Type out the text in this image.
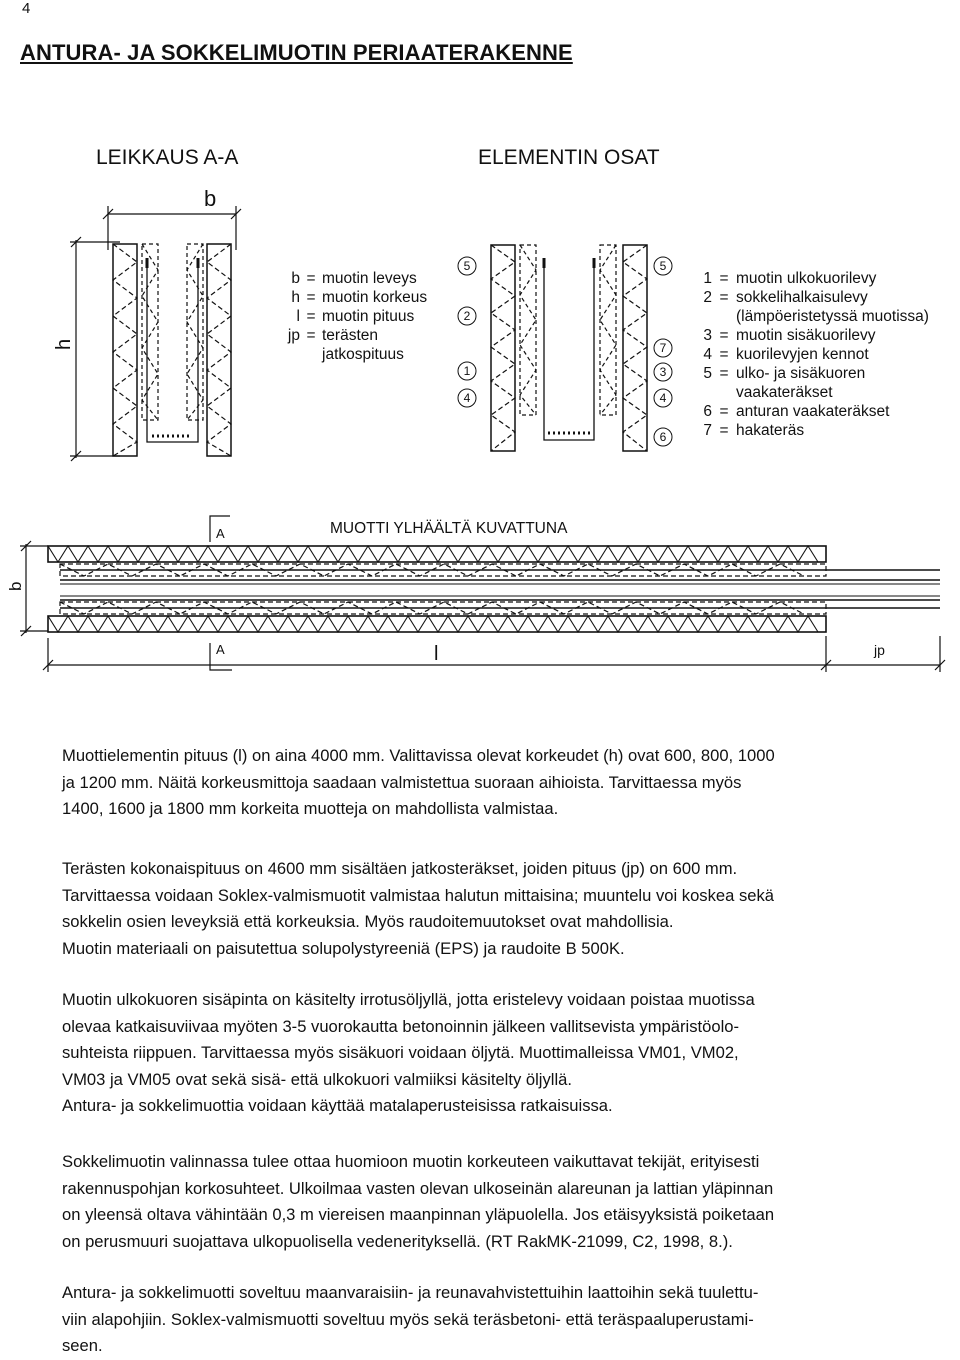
4
ANTURA- JA SOKKELIMUOTIN PERIAATERAKENNE
LEIKKAUS A-A	ELEMENTIN OSAT
b = muotin leveys
h = muotin korkeus
l = muotin pituus
jp = terästen
jatkospituus
5
2
1
4
5
7
3
4
6
1 = muotin ulkokuorilevy
2 = sokkelihalkaisulevy
(lämpöeristetyssä muotissa)
3 = muotin sisäkuorilevy
4 = kuorilevyjen kennot
5 = ulko- ja sisäkuoren
vaakateräkset
6 = anturan vaakateräkset
7 = hakateräs
MUOTTI YLHÄÄLTÄ KUVATTUNA
A
A
b
l	jp
b
h

Muottielementin pituus (l) on aina 4000 mm. Valittavissa olevat korkeudet (h) ovat 600, 800, 1000

ja 1200 mm. Näitä korkeusmittoja saadaan valmistettua suoraan aihioista. Tarvittaessa myös

1400, 1600 ja 1800 mm korkeita muotteja on mahdollista valmistaa.

Terästen kokonaispituus on 4600 mm sisältäen jatkosteräkset, joiden pituus (jp) on 600 mm.

Tarvittaessa voidaan Soklex-valmismuotit valmistaa halutun mittaisina; muuntelu voi koskea sekä

sokkelin osien leveyksiä että korkeuksia. Myös raudoitemuutokset ovat mahdollisia.

Muotin materiaali on paisutettua solupolystyreeniä (EPS) ja raudoite B 500K.

Muotin ulkokuoren sisäpinta on käsitelty irrotusöljyllä, jotta eristelevy voidaan poistaa muotissa

olevaa katkaisuviivaa myöten 3-5 vuorokautta betonoinnin jälkeen vallitsevista ympäristöolo-

suhteista riippuen. Tarvittaessa myös sisäkuori voidaan öljytä. Muottimalleissa VM01, VM02,

VM03 ja VM05 ovat sekä sisä- että ulkokuori valmiiksi käsitelty öljyllä.

Antura- ja sokkelimuottia voidaan käyttää matalaperusteisissa ratkaisuissa.

Sokkelimuotin valinnassa tulee ottaa huomioon muotin korkeuteen vaikuttavat tekijät, erityisesti

rakennuspohjan korkosuhteet. Ulkoilmaa vasten olevan ulkoseinän alareunan ja lattian yläpinnan

on yleensä oltava vähintään 0,3 m viereisen maanpinnan yläpuolella. Jos etäisyyksistä poiketaan

on perusmuuri suojattava ulkopuolisella vedenerityksellä. (RT RakMK-21099, C2, 1998, 8.).

Antura- ja sokkelimuotti soveltuu maanvaraisiin- ja reunavahvistettuihin laattoihin sekä tuulettu-

viin alapohjiin. Soklex-valmismuotti soveltuu myös sekä teräsbetoni- että teräspaaluperustami-

seen.
